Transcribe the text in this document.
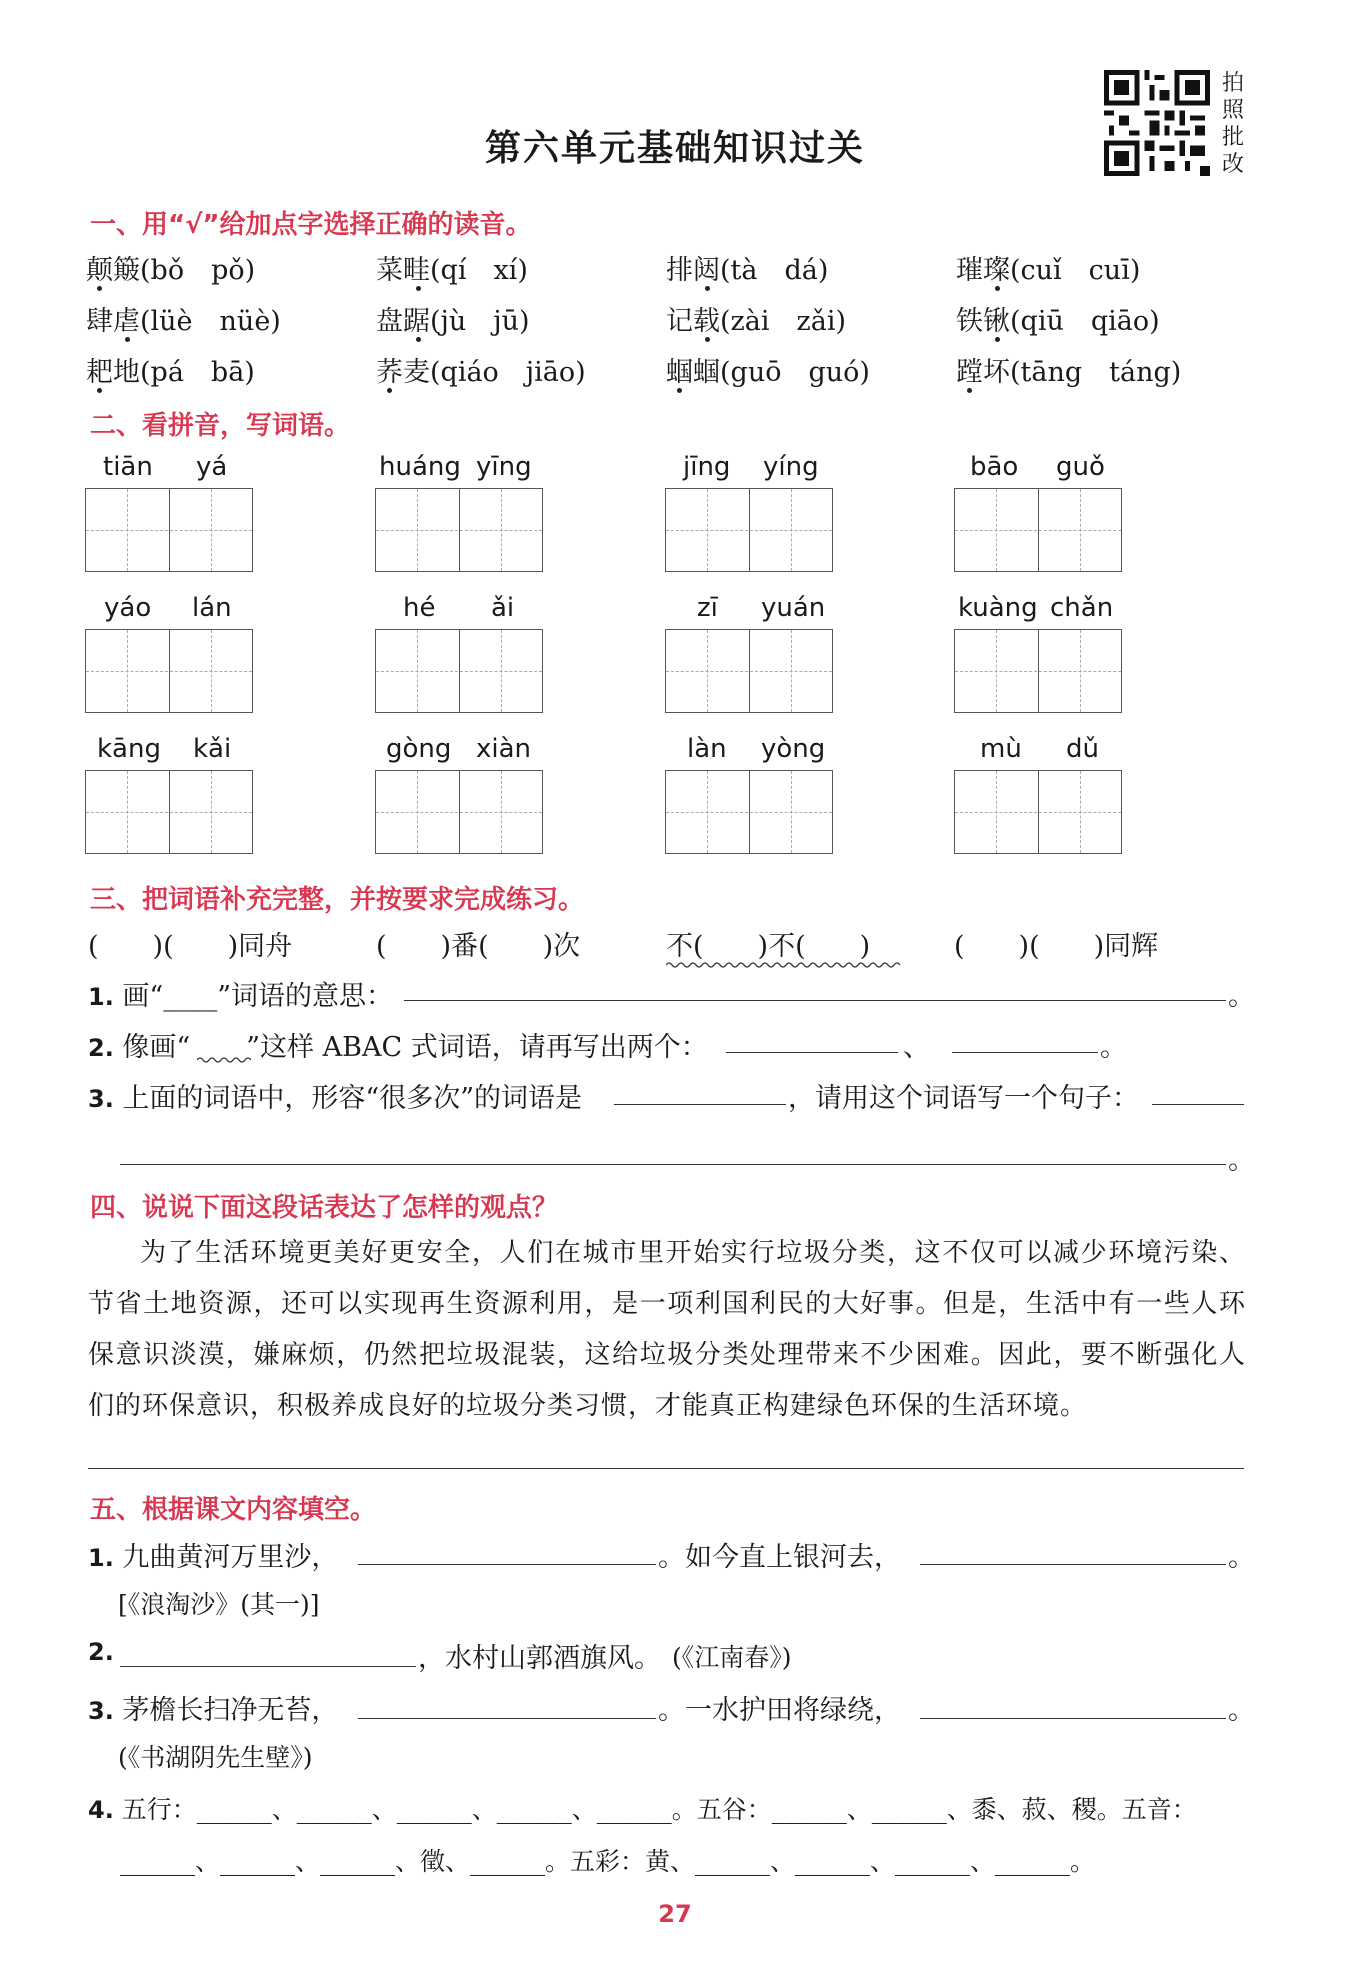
第六单元基础知识过关
拍
照
批
改
一、用“√”给加点字选择正确的读音。
颠簸(bǒ　pǒ)	菜畦(qí　xí)	排闼(tà　dá)	璀璨(cuǐ　cuī)
肆虐(lüè　nüè)	盘踞(jù　jū)	记载(zài　zǎi)	铁锹(qiū　qiāo)
耙地(pá　bā)	荞麦(qiáo　jiāo)	蝈蝈(guō　guó)	蹚坏(tāng　táng)
二、看拼音，写词语。
tiān yá	huáng yīng	jīng yíng	bāo guǒ
yáo lán	hé ǎi	zī yuán	kuàng chǎn
kāng kǎi	gòng xiàn	làn yòng	mù dǔ
三、把词语补充完整，并按要求完成练习。
(　　)(　　)同舟	(　　)番(　　)次	不(　　)不(　　)	(　　)(　　)同辉
1. 画“____”词语的意思：	。
2. 像画“ ”这样 ABAC 式词语，请再写出两个：	、	。
3. 上面的词语中，形容“很多次”的词语是	，请用这个词语写一个句子：
。
四、说说下面这段话表达了怎样的观点？
为了生活环境更美好更安全，人们在城市里开始实行垃圾分类，这不仅可以减少环境污染、节省土地资源，还可以实现再生资源利用，是一项利国利民的大好事。但是，生活中有一些人环保意识淡漠，嫌麻烦，仍然把垃圾混装，这给垃圾分类处理带来不少困难。因此，要不断强化人们的环保意识，积极养成良好的垃圾分类习惯，才能真正构建绿色环保的生活环境。
五、根据课文内容填空。
1. 九曲黄河万里沙，	。如今直上银河去，	。
[《浪淘沙》(其一)]
2.	，水村山郭酒旗风。 (《江南春》)
3. 茅檐长扫净无苔，	。一水护田将绿绕，	。
(《书湖阴先生壁》)
4. 五行：______、______、______、______、______。五谷：______、______、黍、菽、稷。五音：
______、______、______、徵、______。五彩：黄、______、______、______、______。
27
